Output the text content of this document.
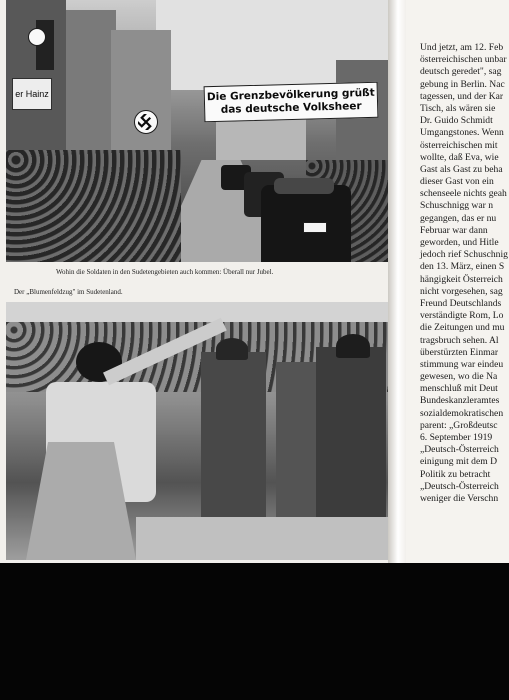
er Hainz	Die Grenzbevölkerung grüßt
das deutsche Volksheer
Wohin die Soldaten in den Sudetengebieten auch kommen: Überall nur Jubel.
Der „Blumenfeldzug" im Sudetenland.
Und jetzt, am 12. Feb
österreichischen unbar
deutsch geredet", sag
gebung in Berlin. Nac
tagessen, und der Kar
Tisch, als wären sie
Dr. Guido Schmidt
Umgangstones. Wenn
österreichischen mit
wollte, daß Eva, wie
Gast als Gast zu beha
dieser Gast von ein
schenseele nichts geah
Schuschnigg war n
gegangen, das er nu
Februar war dann
geworden, und Hitle
jedoch rief Schuschnig
den 13. März, einen S
hängigkeit Österreich
nicht vorgesehen, sag
Freund Deutschlands
verständigte Rom, Lo
die Zeitungen und mu
tragsbruch sehen. Al
überstürzten Einmar
stimmung war eindeu
gewesen, wo die Na
menschluß mit Deut
Bundeskanzleramtes
sozialdemokratischen
parent: „Großdeutsc
6. September 1919
„Deutsch-Österreich
einigung mit dem D
Politik zu betracht
„Deutsch-Österreich
weniger die Verschn
